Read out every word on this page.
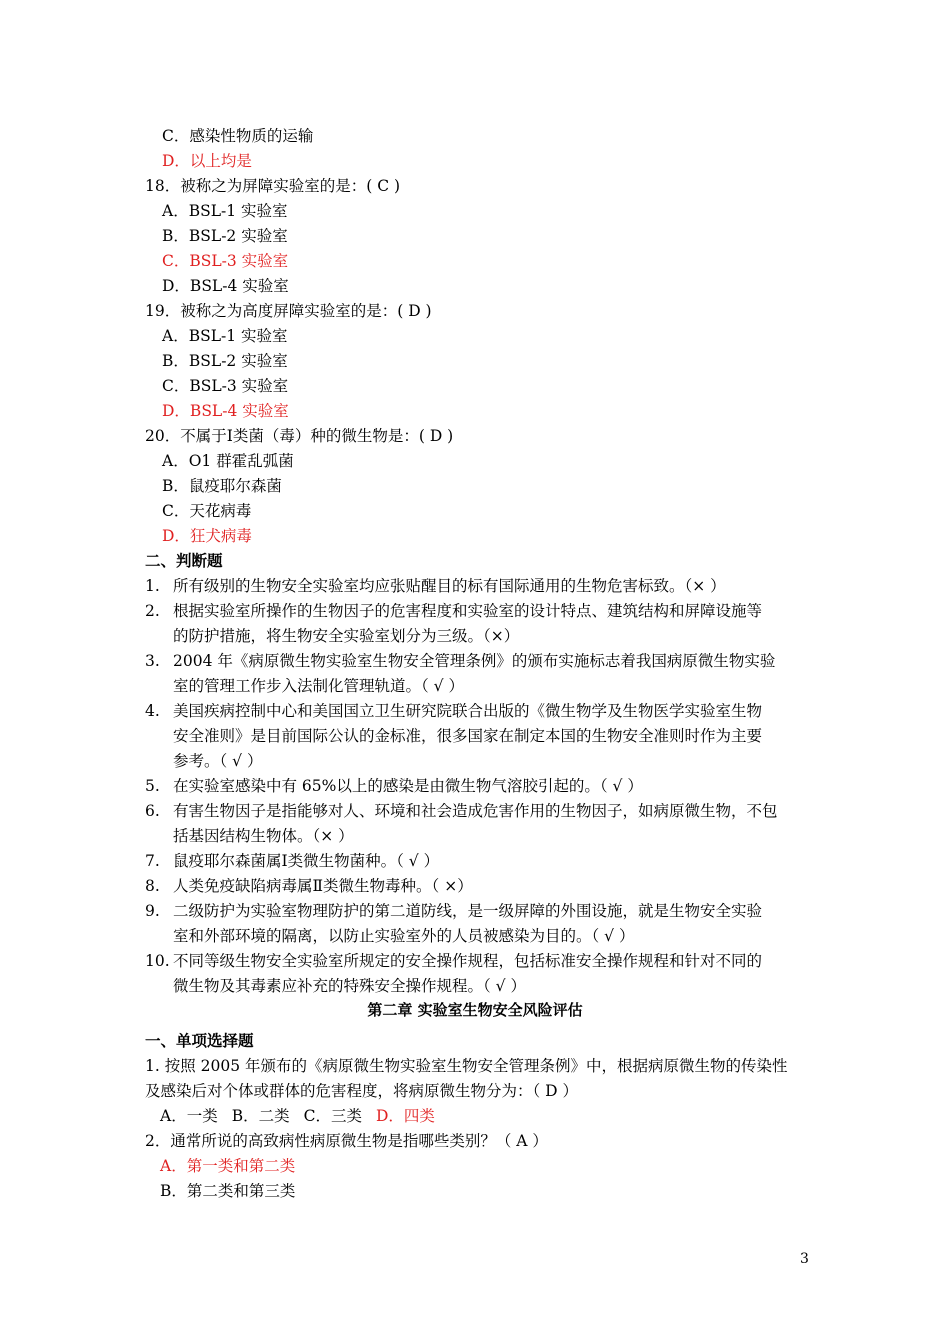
C．感染性物质的运输
D．以上均是
18．被称之为屏障实验室的是：( C )
A．BSL-1 实验室
B．BSL-2 实验室
C．BSL-3 实验室
D．BSL-4 实验室
19．被称之为高度屏障实验室的是：( D )
A．BSL-1 实验室
B．BSL-2 实验室
C．BSL-3 实验室
D．BSL-4 实验室
20．不属于Ⅰ类菌（毒）种的微生物是：( D )
A．O1 群霍乱弧菌
B．鼠疫耶尔森菌
C．天花病毒
D．狂犬病毒
二、判断题
1. 所有级别的生物安全实验室均应张贴醒目的标有国际通用的生物危害标致。（× ）
2. 根据实验室所操作的生物因子的危害程度和实验室的设计特点、建筑结构和屏障设施等
的防护措施，将生物安全实验室划分为三级。（×）
3. 2004 年《病原微生物实验室生物安全管理条例》的颁布实施标志着我国病原微生物实验
室的管理工作步入法制化管理轨道。（ √ ）
4. 美国疾病控制中心和美国国立卫生研究院联合出版的《微生物学及生物医学实验室生物
安全准则》是目前国际公认的金标准，很多国家在制定本国的生物安全准则时作为主要
参考。（ √ ）
5. 在实验室感染中有 65%以上的感染是由微生物气溶胶引起的。（ √ ）
6. 有害生物因子是指能够对人、环境和社会造成危害作用的生物因子，如病原微生物，不包
括基因结构生物体。（× ）
7. 鼠疫耶尔森菌属Ⅰ类微生物菌种。（ √ ）
8. 人类免疫缺陷病毒属Ⅱ类微生物毒种。（ ×）
9. 二级防护为实验室物理防护的第二道防线，是一级屏障的外围设施，就是生物安全实验
室和外部环境的隔离，以防止实验室外的人员被感染为目的。（ √ ）
10. 不同等级生物安全实验室所规定的安全操作规程，包括标准安全操作规程和针对不同的
微生物及其毒素应补充的特殊安全操作规程。（ √ ）
第二章 实验室生物安全风险评估
一、单项选择题
1. 按照 2005 年颁布的《病原微生物实验室生物安全管理条例》中，根据病原微生物的传染性
及感染后对个体或群体的危害程度，将病原微生物分为：（ D ）
A．一类 B．二类 C．三类 D．四类
2．通常所说的高致病性病原微生物是指哪些类别？（ A ）
A．第一类和第二类
B．第二类和第三类
3
